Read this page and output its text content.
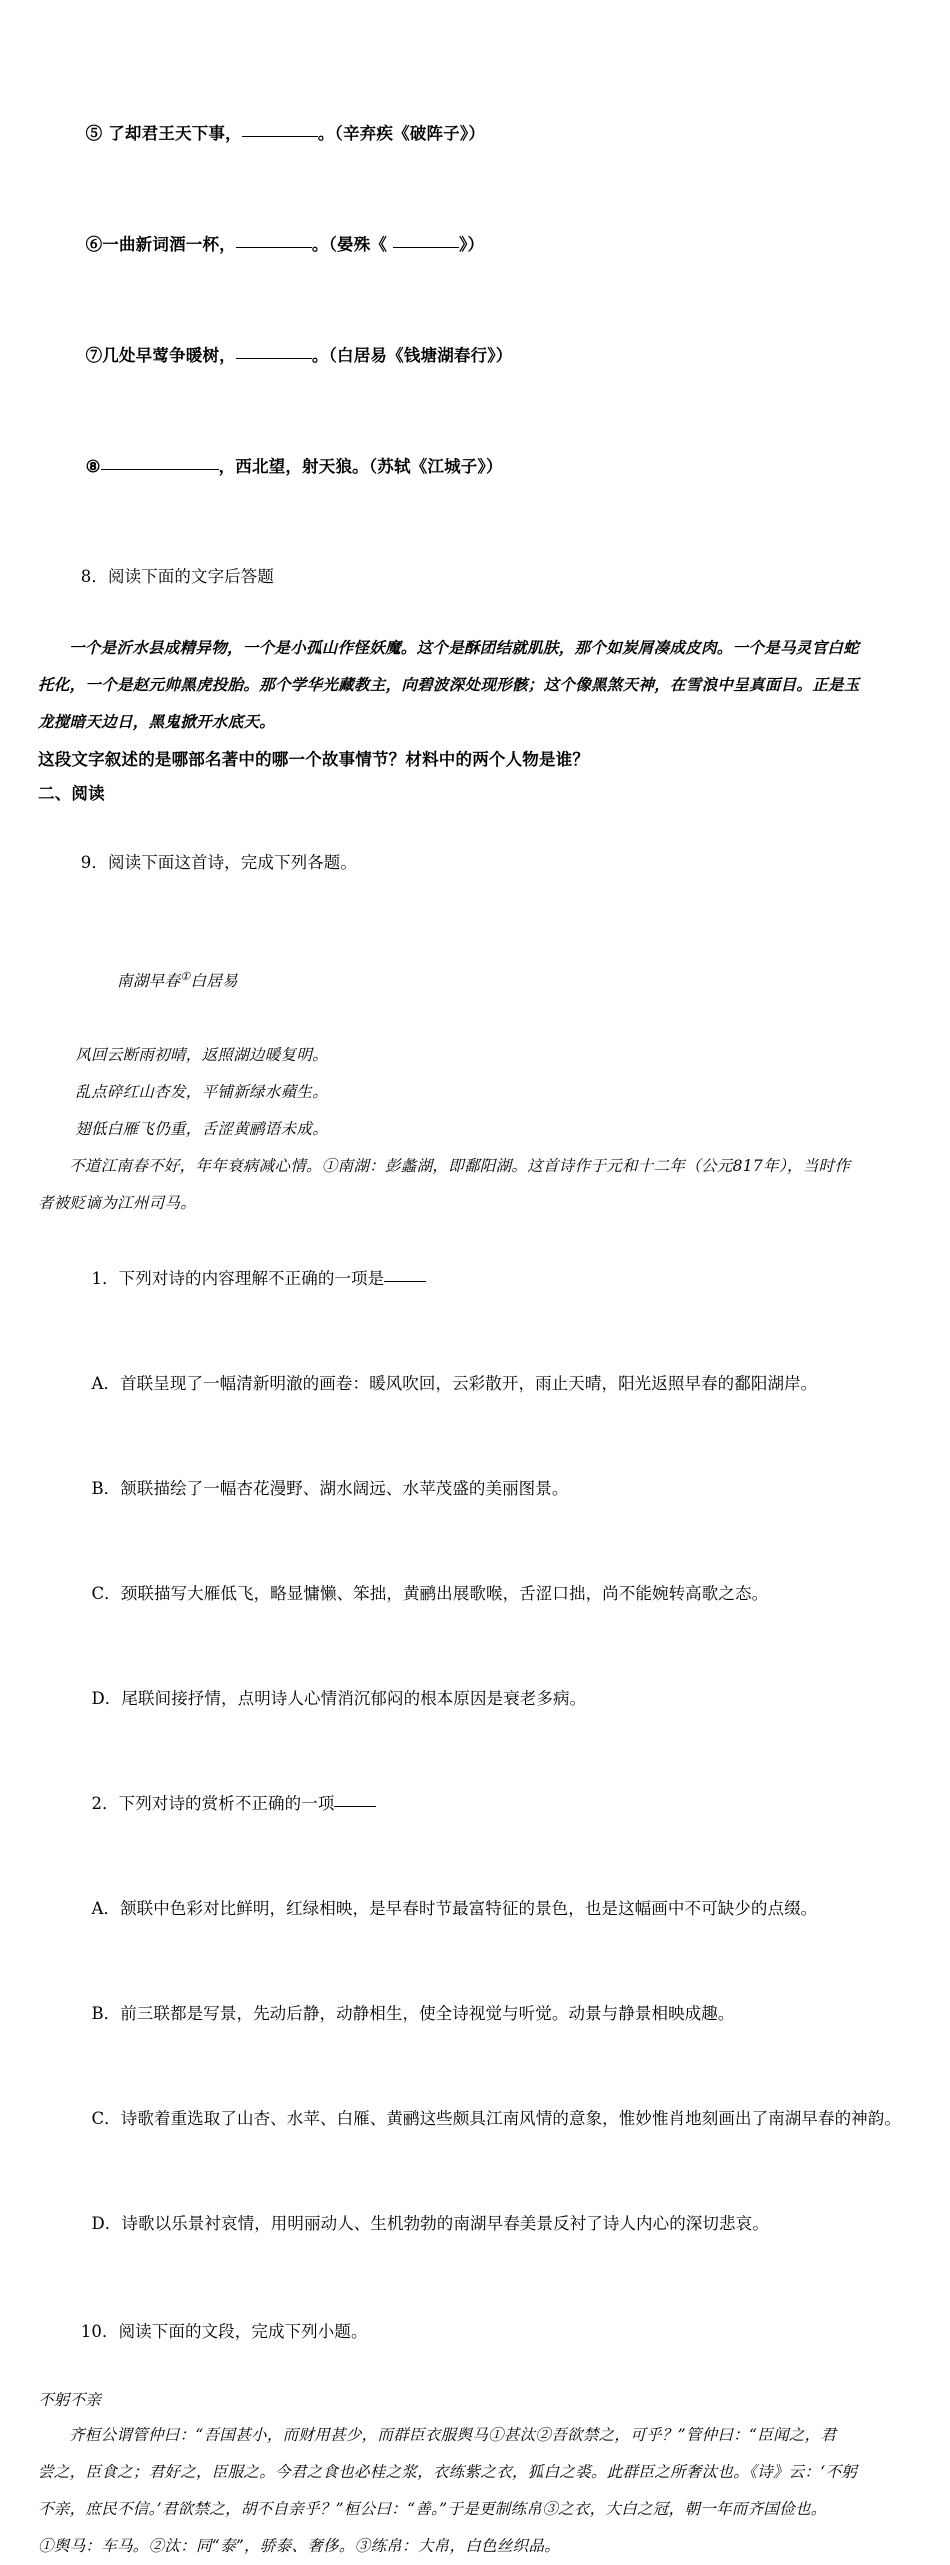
⑤ 了却君王天下事，	。（辛弃疾《破阵子》）

⑥一曲新词酒一杯，	。（晏殊《	》）

⑦几处早莺争暖树，	。（白居易《钱塘湖春行》）

⑧	，西北望，射天狼。（苏轼《江城子》）

8．阅读下面的文字后答题

一个是沂水县成精异物，一个是小孤山作怪妖魔。这个是酥团结就肌肤，那个如炭屑凑成皮肉。一个是马灵官白蛇
托化，一个是赵元帅黑虎投胎。那个学华光藏教主，向碧波深处现形骸；这个像黑煞天神，在雪浪中呈真面目。正是玉
龙搅暗天边日，黑鬼掀开水底天。
这段文字叙述的是哪部名著中的哪一个故事情节？材料中的两个人物是谁？
二、阅读

9．阅读下面这首诗，完成下列各题。

南湖早春①白居易

风回云断雨初晴，返照湖边暖复明。
乱点碎红山杏发，平铺新绿水蘋生。
翅低白雁飞仍重，舌涩黄鹂语未成。
不道江南春不好，年年衰病减心情。①南湖：彭蠡湖，即鄱阳湖。这首诗作于元和十二年（公元817年），当时作
者被贬谪为江州司马。

1．下列对诗的内容理解不正确的一项是

A．首联呈现了一幅清新明澈的画卷：暖风吹回，云彩散开，雨止天晴，阳光返照早春的鄱阳湖岸。

B．颔联描绘了一幅杏花漫野、湖水阔远、水苹茂盛的美丽图景。

C．颈联描写大雁低飞，略显慵懒、笨拙，黄鹂出展歌喉，舌涩口拙，尚不能婉转高歌之态。

D．尾联间接抒情，点明诗人心情消沉郁闷的根本原因是衰老多病。

2．下列对诗的赏析不正确的一项

A．颔联中色彩对比鲜明，红绿相映，是早春时节最富特征的景色，也是这幅画中不可缺少的点缀。

B．前三联都是写景，先动后静，动静相生，使全诗视觉与听觉。动景与静景相映成趣。

C．诗歌着重选取了山杏、水苹、白雁、黄鹂这些颇具江南风情的意象，惟妙惟肖地刻画出了南湖早春的神韵。

D．诗歌以乐景衬哀情，用明丽动人、生机勃勃的南湖早春美景反衬了诗人内心的深切悲哀。

10．阅读下面的文段，完成下列小题。

不躬不亲
齐桓公谓管仲曰：“吾国甚小，而财用甚少，而群臣衣服舆马①甚汰②吾欲禁之，可乎？”管仲曰：“臣闻之，君
尝之，臣食之；君好之，臣服之。今君之食也必桂之浆，衣练紫之衣，狐白之裘。此群臣之所奢汰也。《诗》云：‘不躬
不亲，庶民不信。’君欲禁之，胡不自亲乎？”桓公曰：“善。”于是更制练帛③之衣，大白之冠，朝一年而齐国俭也。
①舆马：车马。②汰：同“泰”，骄泰、奢侈。③练帛：大帛，白色丝织品。
